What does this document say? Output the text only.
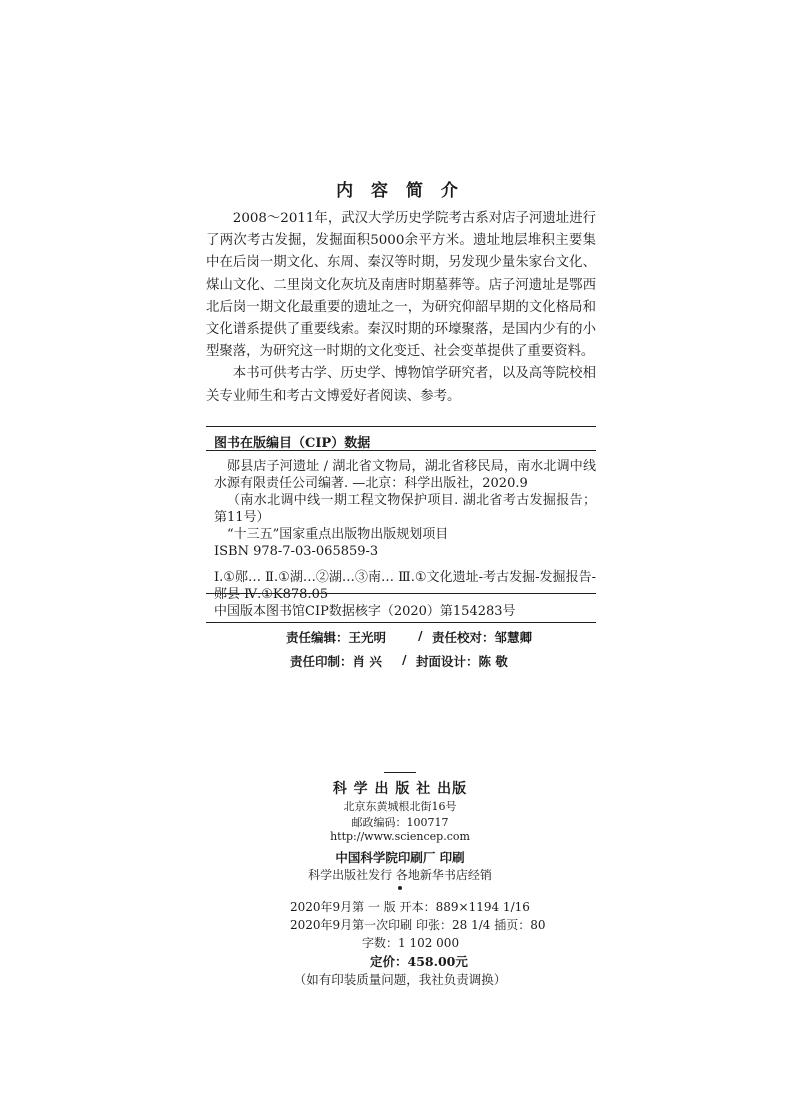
内 容 简 介

2008～2011年，武汉大学历史学院考古系对店子河遗址进行了两次考古发掘，发掘面积5000余平方米。遗址地层堆积主要集中在后岗一期文化、东周、秦汉等时期，另发现少量朱家台文化、煤山文化、二里岗文化灰坑及南唐时期墓葬等。店子河遗址是鄂西北后岗一期文化最重要的遗址之一，为研究仰韶早期的文化格局和文化谱系提供了重要线索。秦汉时期的环壕聚落，是国内少有的小型聚落，为研究这一时期的文化变迁、社会变革提供了重要资料。

本书可供考古学、历史学、博物馆学研究者，以及高等院校相关专业师生和考古文博爱好者阅读、参考。

图书在版编目（CIP）数据

郧县店子河遗址 / 湖北省文物局，湖北省移民局，南水北调中线水源有限责任公司编著. —北京：科学出版社，2020.9

（南水北调中线一期工程文物保护项目. 湖北省考古发掘报告；第11号）

“十三五”国家重点出版物出版规划项目

ISBN 978-7-03-065859-3

Ⅰ.①郧… Ⅱ.①湖…②湖…③南… Ⅲ.①文化遗址-考古发掘-发掘报告-郧县 Ⅳ.①K878.05

中国版本图书馆CIP数据核字（2020）第154283号
责任编辑：王光明	/ 责任校对：邹慧卿
责任印制：肖 兴 / 封面设计：陈 敬
科 学 出 版 社 出版
北京东黄城根北街16号
邮政编码：100717
http://www.sciencep.com
中国科学院印刷厂 印刷
科学出版社发行 各地新华书店经销
2020年9月第 一 版 开本：889×1194 1/16
2020年9月第一次印刷 印张：28 1/4 插页：80
字数：1 102 000
定价：458.00元
（如有印装质量问题，我社负责调换）
